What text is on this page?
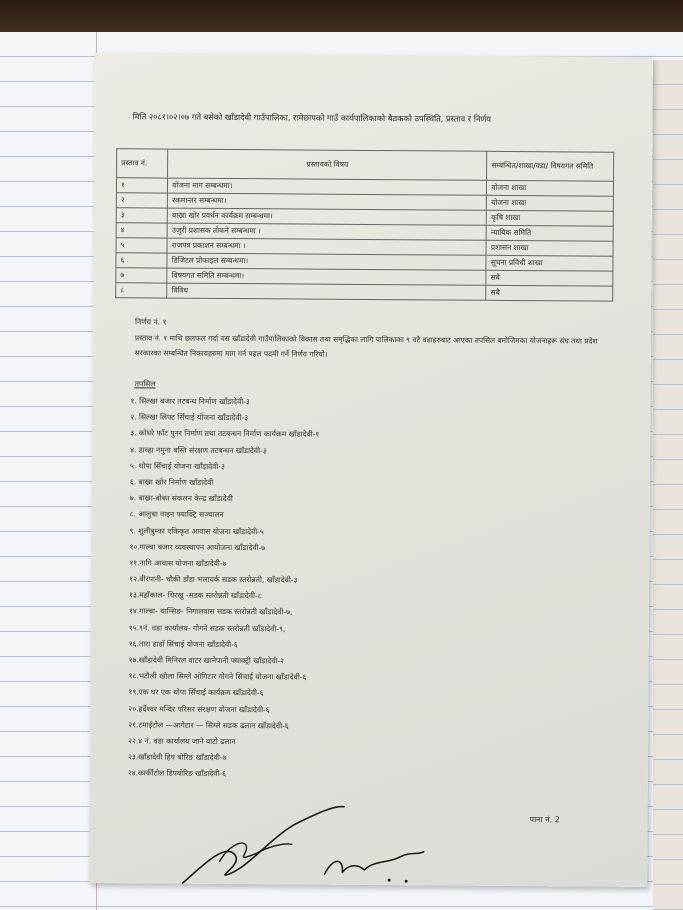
मिति २०८१।०२।०७ गते बसेको खाँडादेवी गाउँपालिका, रामेछापको गाउँ कार्यपालिकाको बैठकको उपस्थिति, प्रस्ताव र निर्णय
प्रस्ताव नं.	प्रस्तावको विषय	सम्बन्धित/शाखा/वडा/ विषयगत समिति
१	योजना माग सम्बन्धमा।	योजना शाखा
२	रकमान्तर सम्बन्धमा।	योजना शाखा
३	बाख्रा खोर प्रवर्धन कार्यक्रम सम्बन्धमा।	कृषि शाखा
४	उजुरी प्रशासक तोकने सम्बन्धमा ।	न्यायिक समिति
५	राजपत्र प्रकाशन सम्बन्धमा ।	प्रशासन शाखा
६	डिजिटल प्रोफाइल सम्बन्धमा।	सूचना प्रविधी शाखा
७	विषयगत समिति सम्बन्धमा।	सबै
८	विविध	सबै
निर्णय नं. १
प्रस्ताव नं. १ माथि छलफल गर्दा यस खाँडादेवी गाउँपालिकाको विकास तथा समृद्धिका लागि पालिकाका ९ वटै वडाहरुबाट आएका तपसिल बमोजिमका योजनाहरू संघ तथा प्रदेश सरकारका सम्बन्धित निकायहरुमा माग गर्न पहल पदमी गर्ने निर्णय गरियो।
तपसिल
१. सिल्खा बजार तटबन्ध निर्माण खाँडादेवी-३
२. सिल्खा लिफ्ट सिँचाई योजना खाँडादेवी-३
३. कोघरे फाँट पुनर निर्माण तथा तटबन्धन निर्माण कार्यक्रम खाँडादेवी-१
४. डाब्हा नमुना बस्ति संरक्षण तटबन्धन खाँडादेवी-३
५. थोपा सिँचाई योजना खाँडादेवी-३
६. बाख्रा खोर निर्माण खाँडादेवी
७. बाख्रा-बोका संकलन केन्द्र खाँडादेवी
८. आलुचा वाइन फ्याक्ट्रि सञ्चालन
९. शुलीबुम्का एकिकृत आवास योजना खाँडादेवी-५
१०.गाल्बा बजार व्यवस्थापन आयोजना खाँडादेवी-७
११.नागि आवास योजना खाँडादेवी-७
१२.बीरपानी- चौकी डाँडा भलायर्क सडक स्तरोन्नती, खाँडादेवी-३
१३.महाँकाल- चिरखु -सडक स्तरोन्नती खाँडादेवी-८
१४.गाल्बा- थान्सिङ- निगालवास सडक स्तरोन्नती खाँडादेवी-७,
१५.९नं. वडा कार्यालय- गोगने सडक स्तरोन्नती खाँडादेवी-९,
१६.तारा डाडाँ सिंचाई योजना खाँडादेवी-६
१७.खाँडादेवी मिनिरल वाटर खानेपानी फ्याक्ट्री खाँडादेवी-२
१८.भटौली खोला सिम्ले ओगिटार गोगने सिंचाई योजना खाँडादेवी-६
१९.एक घर एक थोपा सिँचाई कार्यक्रम खाँडादेवी-६
२०.हर्देश्वर मन्दिर परिसर संरक्षण योजना खाँडादेवी-६
२१.टमाईटोल —आगेटार — सिम्ले सडक ढलान खाँडादेवी-६
२२.४ नं. वडा कार्यालय जाने बाटो ढलान
२३.खाँडादेवी हिप बोरिङ खाँडादेवी-७
२४.कार्कीटोल डिपबोरिङ खाँडादेवी-६
पाना नं. 2
